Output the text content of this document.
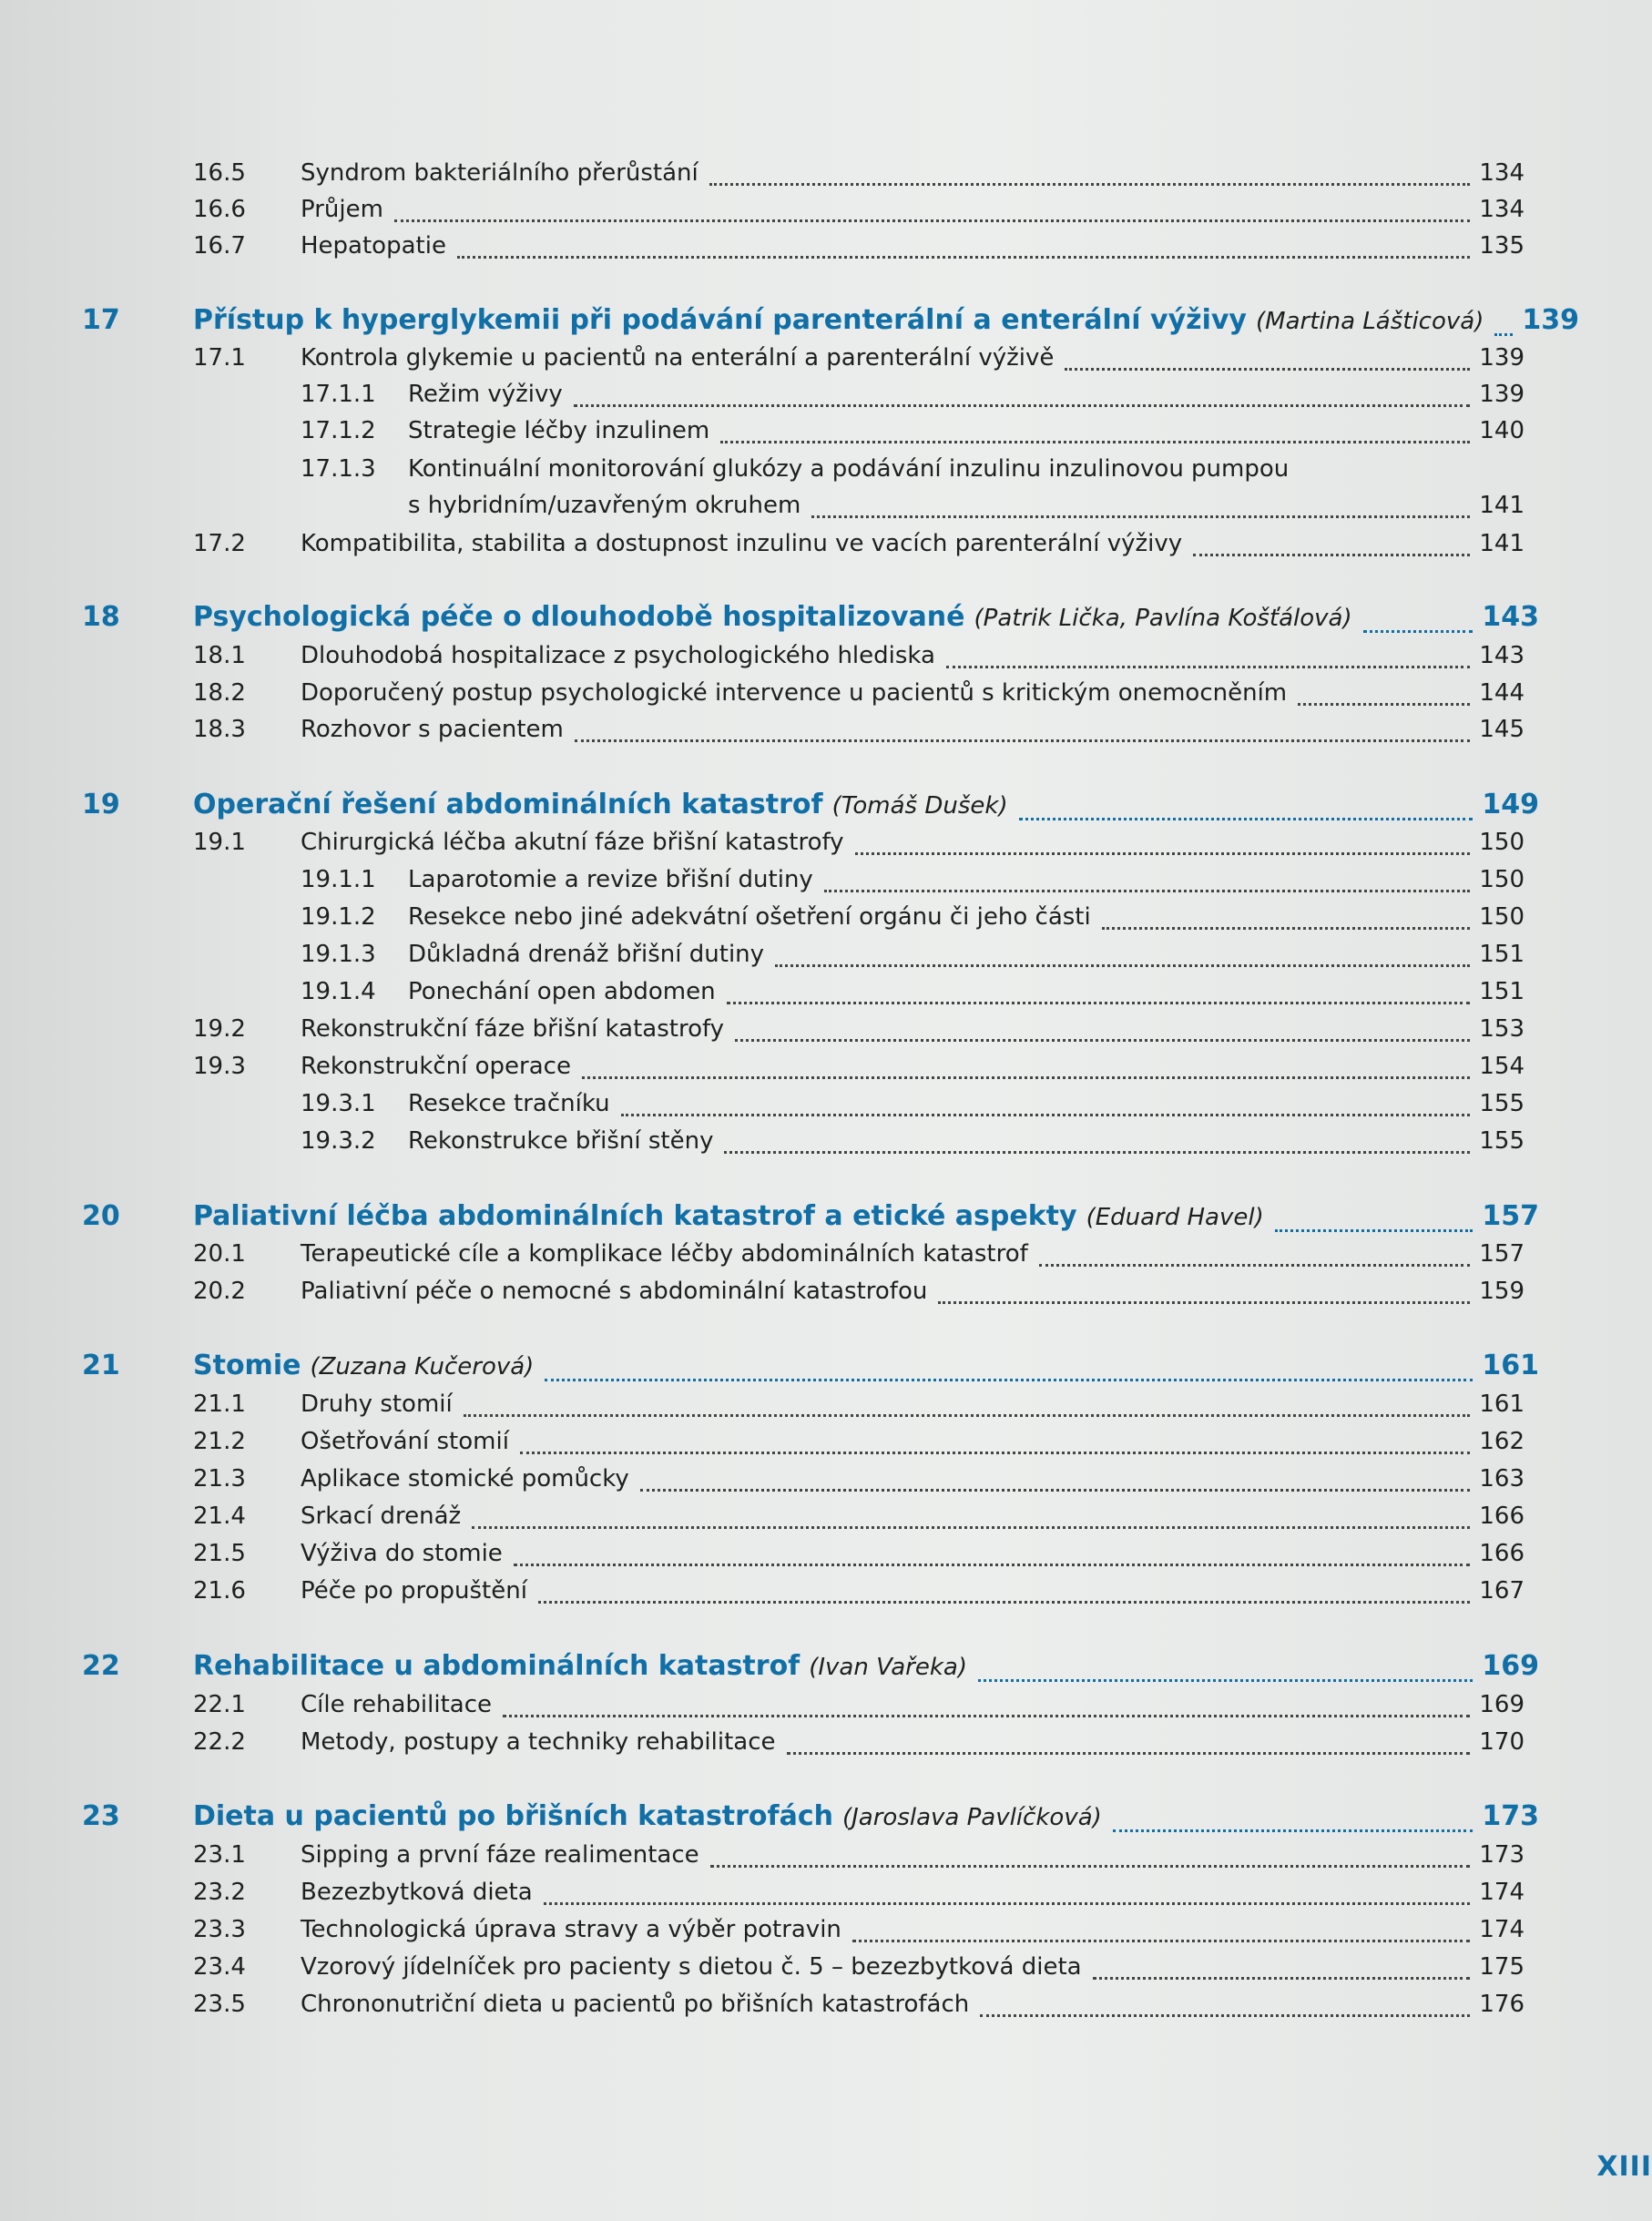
16.5	Syndrom bakteriálního přerůstání	134
16.6	Průjem	134
16.7	Hepatopatie	135
17	Přístup k hyperglykemii při podávání parenterální a enterální výživy (Martina Lášticová) 139
17.1	Kontrola glykemie u pacientů na enterální a parenterální výživě	139
17.1.1	Režim výživy	139
17.1.2	Strategie léčby inzulinem	140
17.1.3	Kontinuální monitorování glukózy a podávání inzulinu inzulinovou pumpou
s hybridním/uzavřeným okruhem	141
17.2	Kompatibilita, stabilita a dostupnost inzulinu ve vacích parenterální výživy	141
18	Psychologická péče o dlouhodobě hospitalizované (Patrik Lička, Pavlína Košťálová)	143
18.1	Dlouhodobá hospitalizace z psychologického hlediska	143
18.2	Doporučený postup psychologické intervence u pacientů s kritickým onemocněním	144
18.3	Rozhovor s pacientem	145
19	Operační řešení abdominálních katastrof (Tomáš Dušek)	149
19.1	Chirurgická léčba akutní fáze břišní katastrofy	150
19.1.1	Laparotomie a revize břišní dutiny	150
19.1.2	Resekce nebo jiné adekvátní ošetření orgánu či jeho části	150
19.1.3	Důkladná drenáž břišní dutiny	151
19.1.4	Ponechání open abdomen	151
19.2	Rekonstrukční fáze břišní katastrofy	153
19.3	Rekonstrukční operace	154
19.3.1	Resekce tračníku	155
19.3.2	Rekonstrukce břišní stěny	155
20	Paliativní léčba abdominálních katastrof a etické aspekty (Eduard Havel)	157
20.1	Terapeutické cíle a komplikace léčby abdominálních katastrof	157
20.2	Paliativní péče o nemocné s abdominální katastrofou	159
21	Stomie (Zuzana Kučerová)	161
21.1	Druhy stomií	161
21.2	Ošetřování stomií	162
21.3	Aplikace stomické pomůcky	163
21.4	Srkací drenáž	166
21.5	Výživa do stomie	166
21.6	Péče po propuštění	167
22	Rehabilitace u abdominálních katastrof (Ivan Vařeka)	169
22.1	Cíle rehabilitace	169
22.2	Metody, postupy a techniky rehabilitace	170
23	Dieta u pacientů po břišních katastrofách (Jaroslava Pavlíčková)	173
23.1	Sipping a první fáze realimentace	173
23.2	Bezezbytková dieta	174
23.3	Technologická úprava stravy a výběr potravin	174
23.4	Vzorový jídelníček pro pacienty s dietou č. 5 – bezezbytková dieta	175
23.5	Chrononutriční dieta u pacientů po břišních katastrofách	176
XIII
